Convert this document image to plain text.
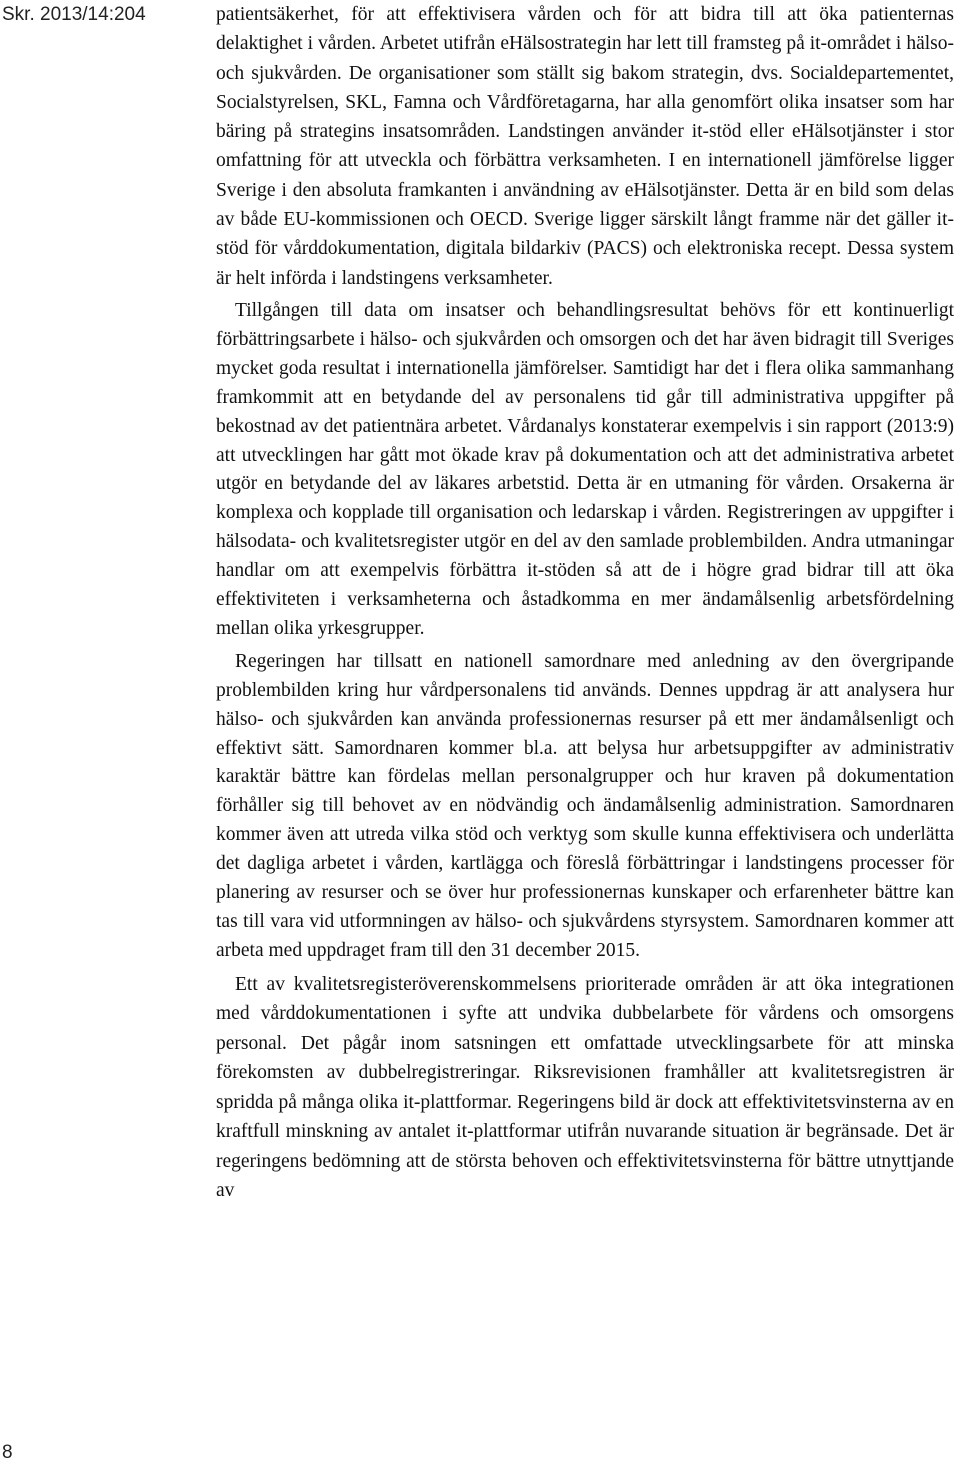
Skr. 2013/14:204
8

patientsäkerhet, för att effektivisera vården och för att bidra till att öka patienternas delaktighet i vården. Arbetet utifrån eHälsostrategin har lett till framsteg på it-området i hälso- och sjukvården. De organisationer som ställt sig bakom strategin, dvs. Socialdepartementet, Socialstyrelsen, SKL, Famna och Vårdföretagarna, har alla genomfört olika insatser som har bäring på strategins insatsområden. Landstingen använder it-stöd eller eHälsotjänster i stor omfattning för att utveckla och förbättra verksamheten. I en internationell jämförelse ligger Sverige i den absoluta framkanten i användning av eHälsotjänster. Detta är en bild som delas av både EU-kommissionen och OECD. Sverige ligger särskilt långt framme när det gäller it-stöd för vårddokumentation, digitala bildarkiv (PACS) och elektroniska recept. Dessa system är helt införda i landstingens verksamheter.

Tillgången till data om insatser och behandlingsresultat behövs för ett kontinuerligt förbättringsarbete i hälso- och sjukvården och omsorgen och det har även bidragit till Sveriges mycket goda resultat i internationella jämförelser. Samtidigt har det i flera olika sammanhang framkommit att en betydande del av personalens tid går till administrativa uppgifter på bekostnad av det patientnära arbetet. Vårdanalys konstaterar exempelvis i sin rapport (2013:9) att utvecklingen har gått mot ökade krav på dokumentation och att det administrativa arbetet utgör en betydande del av läkares arbetstid. Detta är en utmaning för vården. Orsakerna är komplexa och kopplade till organisation och ledarskap i vården. Registreringen av uppgifter i hälsodata- och kvalitetsregister utgör en del av den samlade problembilden. Andra utmaningar handlar om att exempelvis förbättra it-stöden så att de i högre grad bidrar till att öka effektiviteten i verksamheterna och åstadkomma en mer ändamålsenlig arbetsfördelning mellan olika yrkesgrupper.

Regeringen har tillsatt en nationell samordnare med anledning av den övergripande problembilden kring hur vårdpersonalens tid används. Dennes uppdrag är att analysera hur hälso- och sjukvården kan använda professionernas resurser på ett mer ändamålsenligt och effektivt sätt. Samordnaren kommer bl.a. att belysa hur arbetsuppgifter av administrativ karaktär bättre kan fördelas mellan personalgrupper och hur kraven på dokumentation förhåller sig till behovet av en nödvändig och ändamålsenlig administration. Samordnaren kommer även att utreda vilka stöd och verktyg som skulle kunna effektivisera och underlätta det dagliga arbetet i vården, kartlägga och föreslå förbättringar i landstingens processer för planering av resurser och se över hur professionernas kunskaper och erfarenheter bättre kan tas till vara vid utformningen av hälso- och sjukvårdens styrsystem. Samordnaren kommer att arbeta med uppdraget fram till den 31 december 2015.

Ett av kvalitetsregisteröverenskommelsens prioriterade områden är att öka integrationen med vårddokumentationen i syfte att undvika dubbelarbete för vårdens och omsorgens personal. Det pågår inom satsningen ett omfattade utvecklingsarbete för att minska förekomsten av dubbelregistreringar. Riksrevisionen framhåller att kvalitetsregistren är spridda på många olika it-plattformar. Regeringens bild är dock att effektivitetsvinsterna av en kraftfull minskning av antalet it-plattformar utifrån nuvarande situation är begränsade. Det är regeringens bedömning att de största behoven och effektivitetsvinsterna för bättre utnyttjande av
